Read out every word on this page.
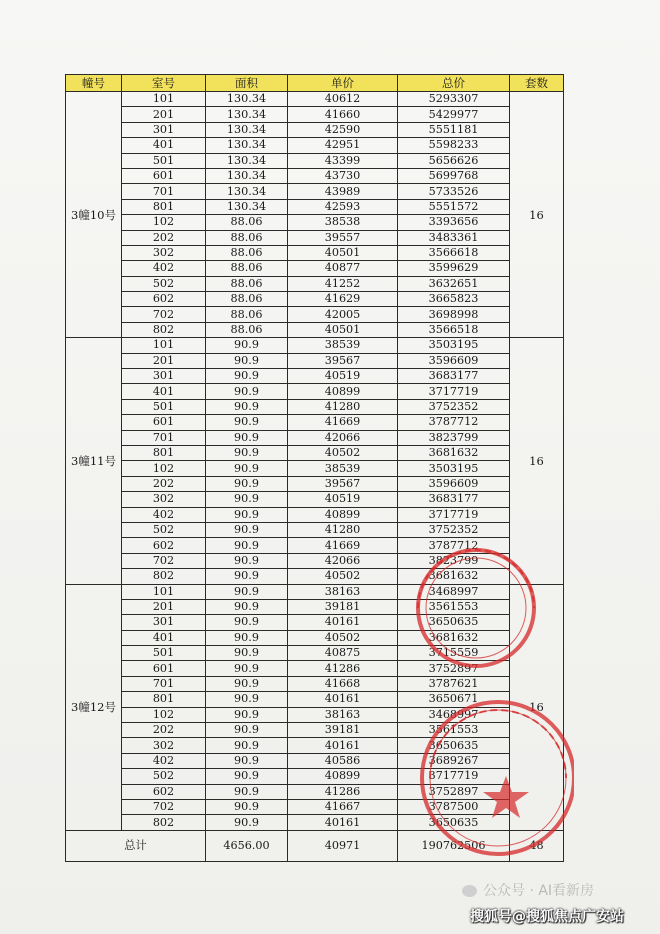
幢号	室号	面积	单价	总价	套数
3幢10号	101	130.34	40612	5293307	16
	201	130.34	41660	5429977	
	301	130.34	42590	5551181	
	401	130.34	42951	5598233	
	501	130.34	43399	5656626	
	601	130.34	43730	5699768	
	701	130.34	43989	5733526	
	801	130.34	42593	5551572	
	102	88.06	38538	3393656	
	202	88.06	39557	3483361	
	302	88.06	40501	3566618	
	402	88.06	40877	3599629	
	502	88.06	41252	3632651	
	602	88.06	41629	3665823	
	702	88.06	42005	3698998	
	802	88.06	40501	3566518	
3幢11号	101	90.9	38539	3503195	16
	201	90.9	39567	3596609	
	301	90.9	40519	3683177	
	401	90.9	40899	3717719	
	501	90.9	41280	3752352	
	601	90.9	41669	3787712	
	701	90.9	42066	3823799	
	801	90.9	40502	3681632	
	102	90.9	38539	3503195	
	202	90.9	39567	3596609	
	302	90.9	40519	3683177	
	402	90.9	40899	3717719	
	502	90.9	41280	3752352	
	602	90.9	41669	3787712	
	702	90.9	42066	3823799	
	802	90.9	40502	3681632	
3幢12号	101	90.9	38163	3468997	16
	201	90.9	39181	3561553	
	301	90.9	40161	3650635	
	401	90.9	40502	3681632	
	501	90.9	40875	3715559	
	601	90.9	41286	3752897	
	701	90.9	41668	3787621	
	801	90.9	40161	3650671	
	102	90.9	38163	3468997	
	202	90.9	39181	3561553	
	302	90.9	40161	3650635	
	402	90.9	40586	3689267	
	502	90.9	40899	3717719	
	602	90.9	41286	3752897	
	702	90.9	41667	3787500	
	802	90.9	40161	3650635	
总计		4656.00	40971	190762506	48
公众号 · AI看新房
搜狐号@搜狐焦点广安站
